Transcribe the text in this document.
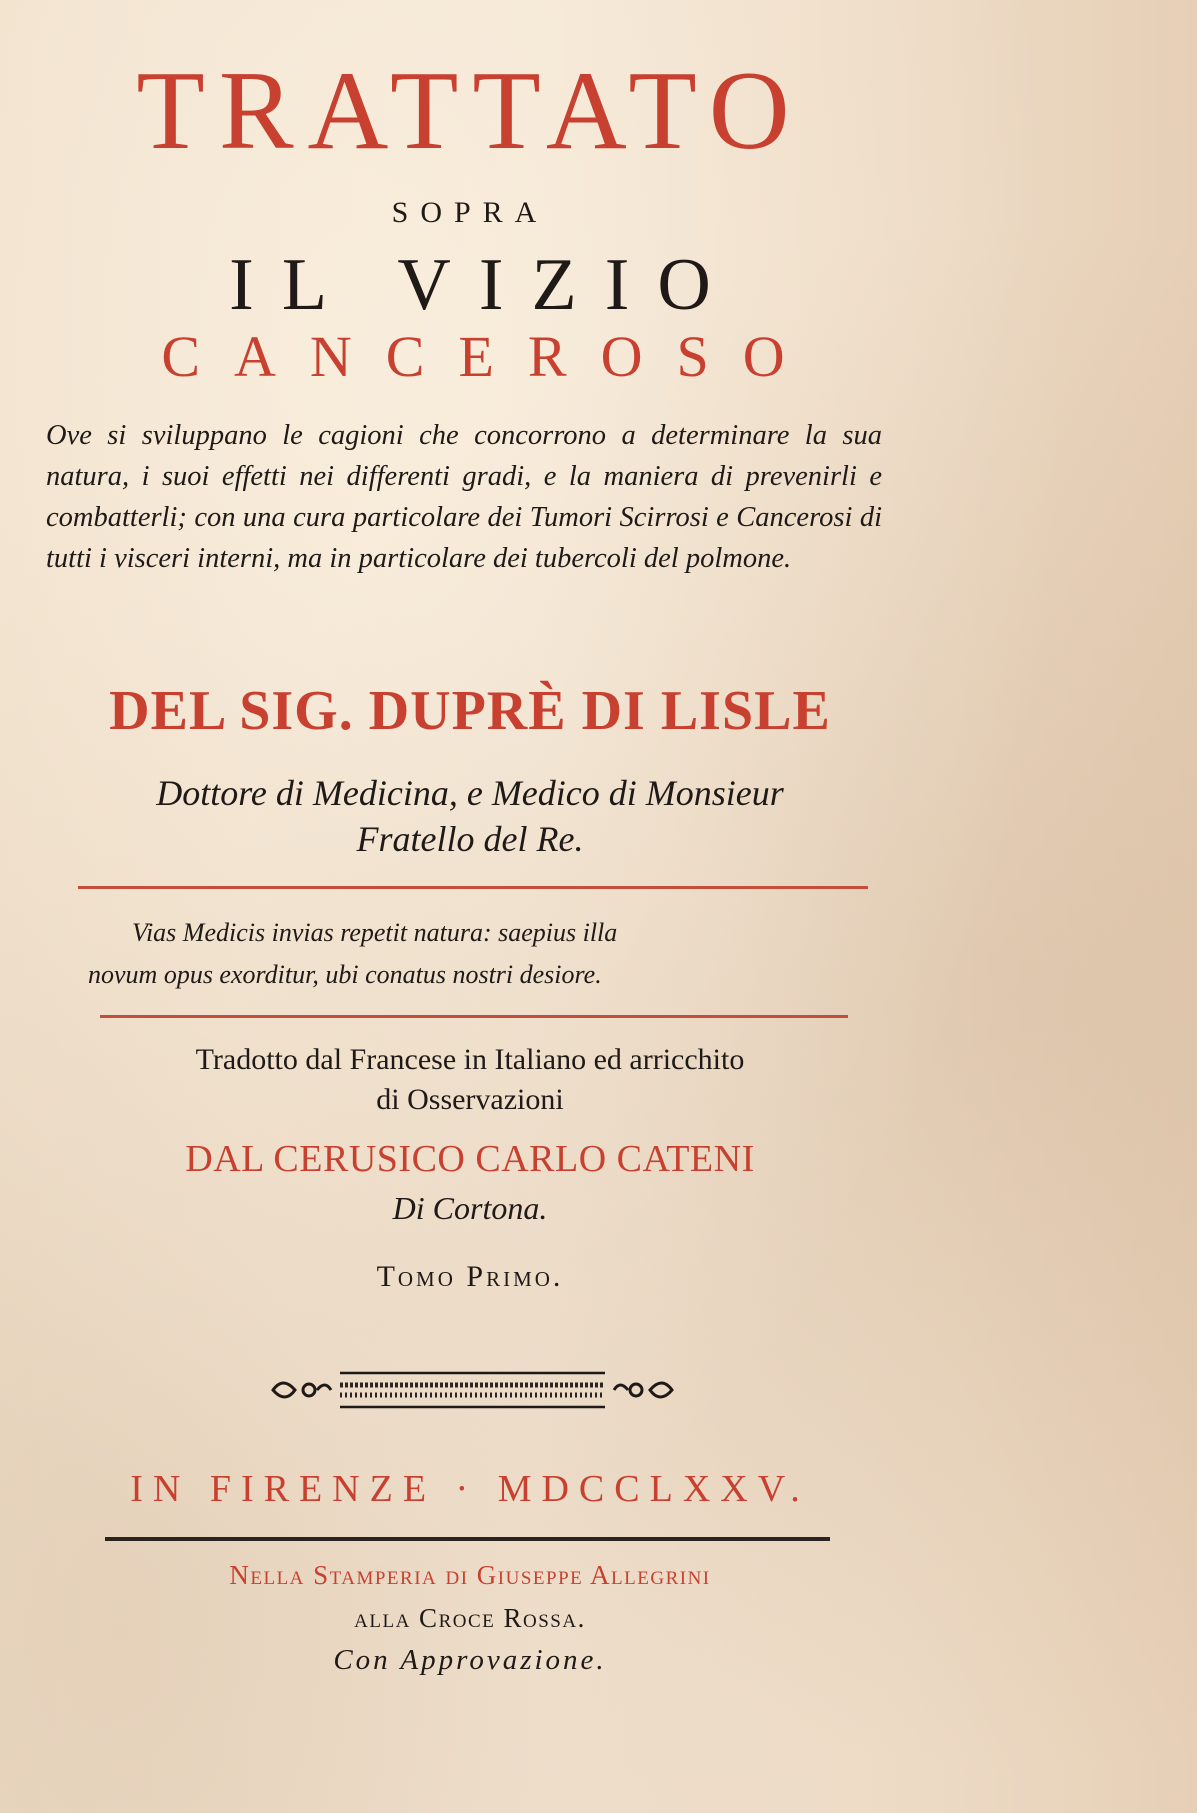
TRATTATO
SOPRA
IL VIZIO
CANCEROSO
Ove si sviluppano le cagioni che concorrono a determinare la sua natura, i suoi effetti nei differenti gradi, e la maniera di prevenirli e combatterli; con una cura particolare dei Tumori Scirrosi e Cancerosi di tutti i visceri interni, ma in particolare dei tubercoli del polmone.
DEL SIG. DUPRÈ DI LISLE
Dottore di Medicina, e Medico di Monsieur
Fratello del Re.
Vias Medicis invias repetit natura: saepius illa
novum opus exorditur, ubi conatus nostri desiore.
Tradotto dal Francese in Italiano ed arricchito
di Osservazioni
DAL CERUSICO CARLO CATENI
Di Cortona.
Tomo Primo.
IN FIRENZE · MDCCLXXV.
Nella Stamperia di Giuseppe Allegrini
alla Croce Rossa.
Con Approvazione.
